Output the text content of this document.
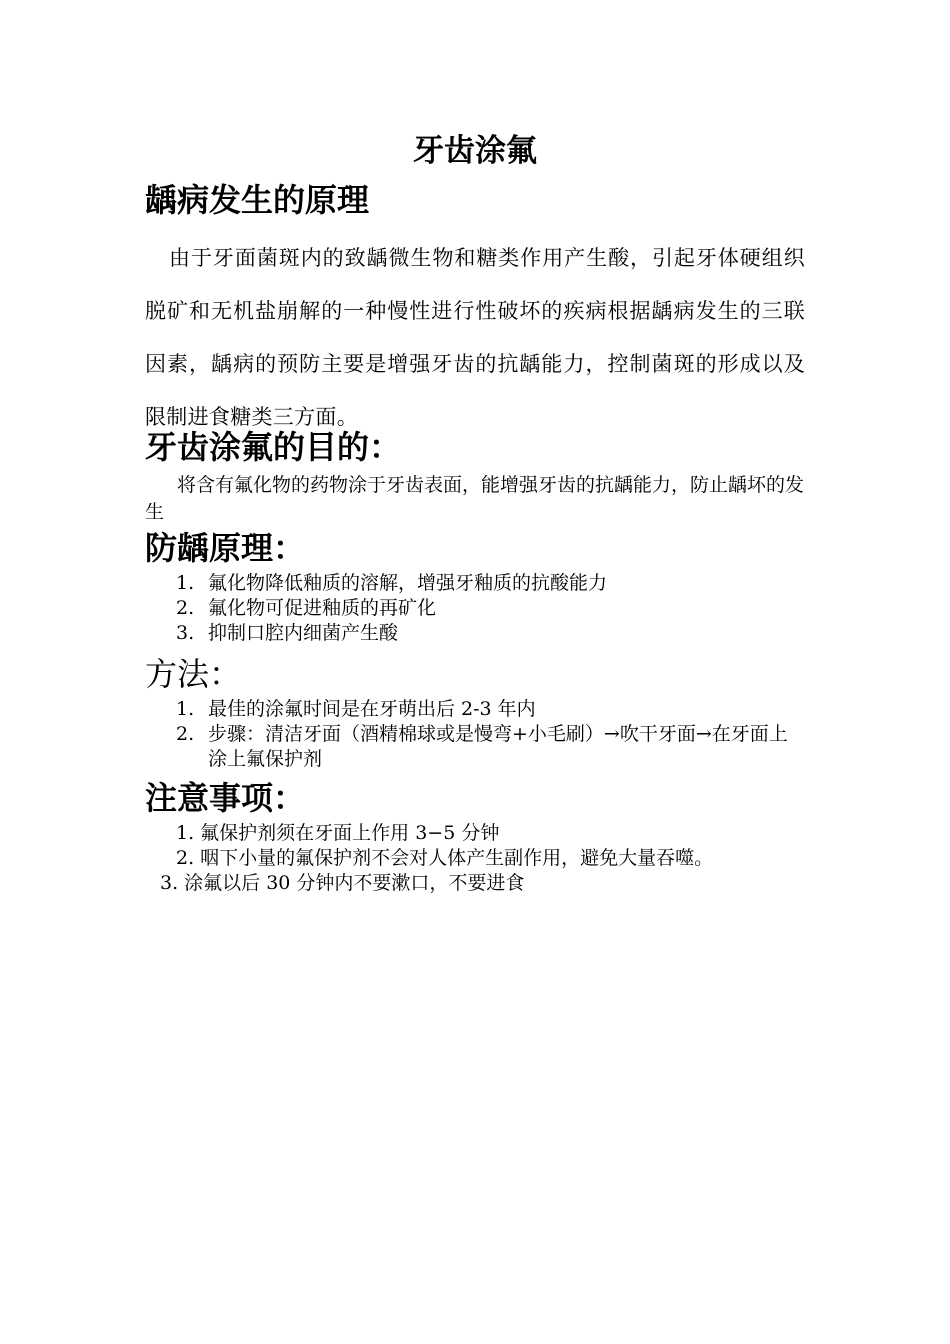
牙齿涂氟
龋病发生的原理

由于牙面菌斑内的致龋微生物和糖类作用产生酸，引起牙体硬组织脱矿和无机盐崩解的一种慢性进行性破坏的疾病根据龋病发生的三联因素，龋病的预防主要是增强牙齿的抗龋能力，控制菌斑的形成以及限制进食糖类三方面。

牙齿涂氟的目的：

将含有氟化物的药物涂于牙齿表面，能增强牙齿的抗龋能力，防止龋坏的发生

防龋原理：
1. 氟化物降低釉质的溶解，增强牙釉质的抗酸能力
2. 氟化物可促进釉质的再矿化
3. 抑制口腔内细菌产生酸
方法：
1. 最佳的涂氟时间是在牙萌出后 2-3 年内
2. 步骤：清洁牙面（酒精棉球或是慢弯+小毛刷）→吹干牙面→在牙面上涂上氟保护剂
注意事项：

1. 氟保护剂须在牙面上作用 3−5 分钟

2. 咽下小量的氟保护剂不会对人体产生副作用，避免大量吞噬。

3. 涂氟以后 30 分钟内不要漱口，不要进食
